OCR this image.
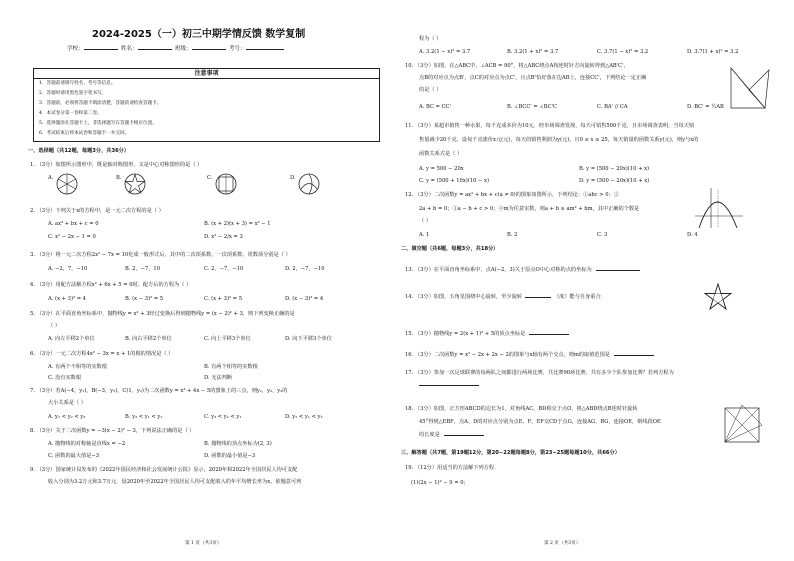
2024-2025（一）初三中期学情反馈 数学复制
学校：	姓名：	班级：	考号：
注意事项
1．答题前请填写姓名、考号等信息。
2．答题时请用黑色签字笔书写。
3．答题前，必须将答题卡填涂清楚，答题前请检查答题卡。
4．本试卷分第一卷和第二卷。
5．选择题涂在答题卡上，非选择题写在答题卡相应位置。
6．考试结束后将本试卷和答题卡一并交回。
一、选择题（共12题，每题3分，共36分）
1. （3分）如图所示图形中，既是轴对称图形，又是中心对称图形的是（ ）
A.	B.	C.	D.
2. （3分）下列关于x的方程中，是一元二次方程的是（ ）
A. ax² + bx + c = 0	B. (x + 2)(x + 3) = x² − 1
C. x² − 2x − 1 = 0	D. x² − 2/x = 3
3. （3分）将一元二次方程2x² − 7x = 10化成一般形式后，其中的二次项系数、一次项系数、常数项分别是（ ）
A. −2，7，−10	B. 2，−7，10	C. 2，−7，−10	D. 2，−7，−10
4. （3分）用配方法解方程x² + 6x + 5 = 0时，配方后的方程为（ ）
A. (x + 3)² = 4	B. (x − 3)² = 5	C. (x + 3)² = 5	D. (x − 3)² = 4
5. （3分）在平面直角坐标系中，抛物线y = x² + 3经过变换后得到抛物线y = (x − 2)² + 3，则下列变换正确的是
（ ）
A. 向左平移2个单位	B. 向右平移2个单位	C. 向上平移3个单位	D. 向下平移3个单位
6. （3分）一元二次方程4x² − 3x = x + 1的根的情况是（ ）
A. 有两个不相等的实数根	B. 有两个相等的实数根
C. 没有实数根	D. 无法判断
7. （3分）若A(−4，y₁)，B(−3，y₂)，C(1，y₃)为二次函数y = x² + 4x − 5的图象上的三点，则y₁，y₂，y₃的
大小关系是（ ）
A. y₁ < y₂ < y₃	B. y₃ < y₁ < y₂	C. y₃ < y₂ < y₁	D. y₂ < y₁ < y₃
8. （3分）关于二次函数y = −3(x − 2)² − 3，下列说法正确的是（ ）
A. 抛物线的对称轴是直线x = −2	B. 抛物线的顶点坐标为(2, 3)
C. 函数的最大值是−3	D. 函数的最小值是−3
9. （3分）国家统计局发布的《2022年国民经济和社会发展统计公报》显示，2020年和2022年全国居民人均可支配
收入分别为3.2万元和3.7万元．设2020年至2022年全国居民人均可支配收入的年平均增长率为x，依题意可列
第 1 页（共3页）
程为（ ）
A. 3.2(1 − x)² = 3.7	B. 3.2(1 + x)² = 3.7	C. 3.7(1 − x)² = 3.2	D. 3.7(1 + x)² = 3.2
10. （3分）如图，在△ABC中，∠ACB = 90°，将△ABC绕点A按逆时针方向旋转得到△AB'C'，
点B的对应点为点B'，点C的对应点为点C'，且点B'恰好落在边AB上，连接CC'，下列结论一定正确
的是（ ）
A. BC = CC'	B. ∠BCC' = ∠BC'C	C. BA' // CA	D. BC' = ½AB
11. （3分）某超市销售一种水果，每千克成本价为10元．经市场调查发现，每天可销售500千克，且市场调查表明，当每天销
售量减少20千克，设每千克涨价x元(元)，每天的销售利润为y(元)，且0 ≤ x ≤ 25，每天销量的函数关系y(元)，则y与x的
函数关系式是（ ）
A. y = 500 − 20x	B. y = (500 − 20x)(10 + x)
C. y = (500 + 10x)(10 − x)	D. y = (500 − 20x)(10 + x)
12. （3分）二次函数y = ax² + bx + c(a ≠ 0)的图象如图所示，下列结论：①abc > 0；②
2a + b = 0；③a − b + c > 0；④m为任意实数，则a + b ≥ am² + bm，其中正确的个数是
（ ）
A. 1	B. 2	C. 3	D. 4
二、填空题（共6题，每题3分，共18分）
13. （3分）在平面直角坐标系中，点A(−2，3)关于原点O中心对称的点的坐标为
14. （3分）如图，五角星围绕中心旋转，至少旋转	（度）能与自身重合．
15. （3分）抛物线y = 2(x + 1)² + 5的顶点坐标是
16. （3分）二次函数y = x² − 2x + 2x − 2的图象与x轴有两个交点，则m的取值范围是
17. （3分）参加一次足球联赛的每两队之间都进行两场比赛，共比赛90场比赛，共有多少个队参加比赛？若列方程为
18. （3分）如图，正方形ABCD的边长为1，对角线AC、BD相交于点O，将△ABD绕点B逆时针旋转
45°得到△EBF，点A、D的对应点分别为点E、F，EF交CD于点G，连接AG、BG，连接OE，则线段OE
的长度是
三、解答题（共7题，第19题12分，第20−22题每题8分，第23−25题每题10分，共66分）
19. （12分）用适当的方法解下列方程．
(1)(2x − 1)² − 9 = 0；
第 2 页（共3页）
